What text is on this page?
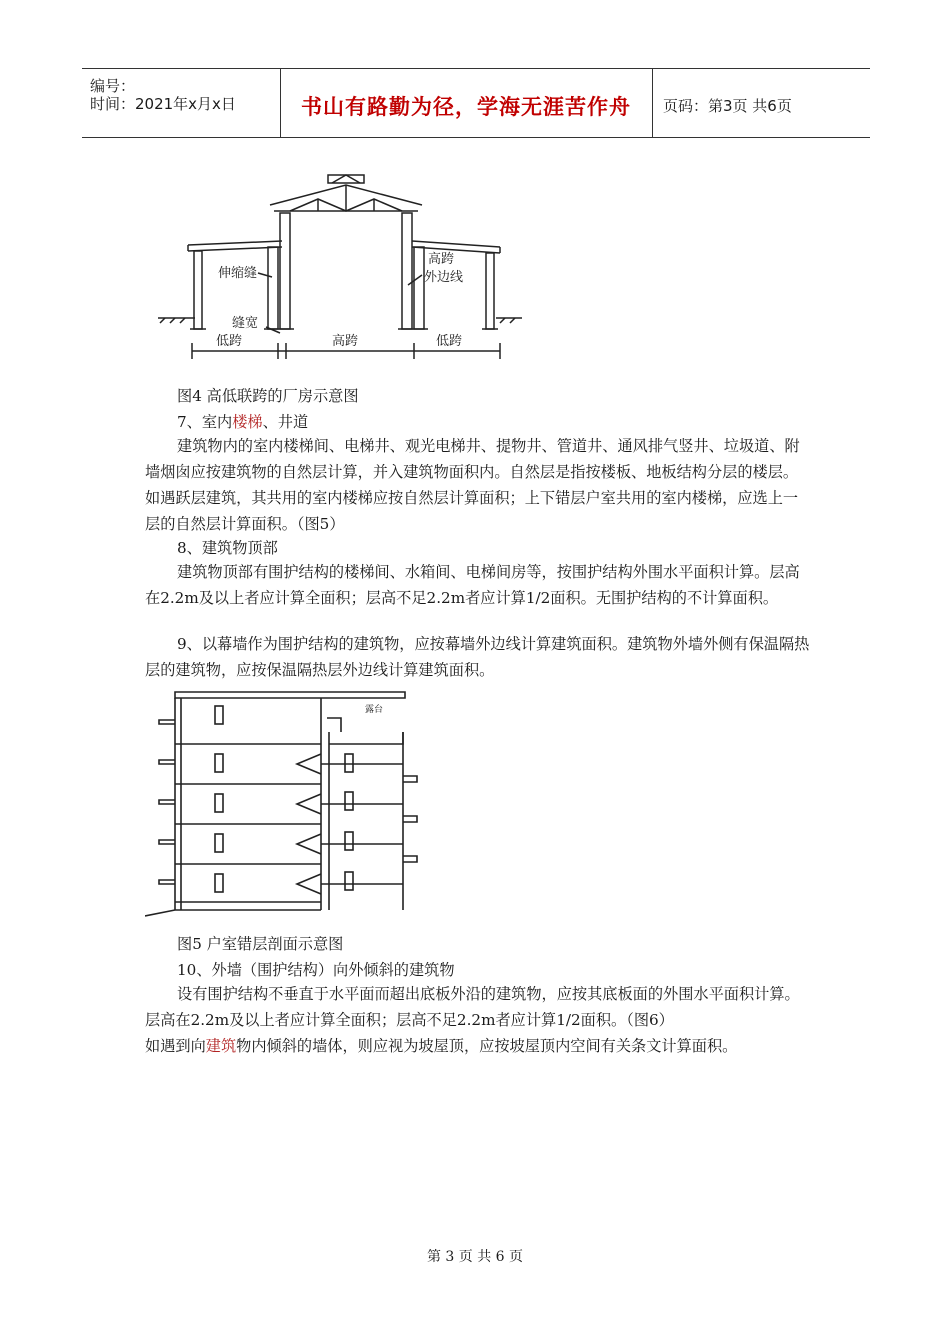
编号：
时间：2021年x月x日	书山有路勤为径，学海无涯苦作舟	页码：第3页 共6页
伸缩缝
高跨
外边线
缝宽
低跨	高跨	低跨
图4 高低联跨的厂房示意图
7、室内楼梯、井道

建筑物内的室内楼梯间、电梯井、观光电梯井、提物井、管道井、通风排气竖井、垃圾道、附墙烟囱应按建筑物的自然层计算，并入建筑物面积内。自然层是指按楼板、地板结构分层的楼层。如遇跃层建筑，其共用的室内楼梯应按自然层计算面积；上下错层户室共用的室内楼梯，应选上一层的自然层计算面积。（图5）

8、建筑物顶部

建筑物顶部有围护结构的楼梯间、水箱间、电梯间房等，按围护结构外围水平面积计算。层高在2.2m及以上者应计算全面积；层高不足2.2m者应计算1/2面积。无围护结构的不计算面积。

9、以幕墙作为围护结构的建筑物，应按幕墙外边线计算建筑面积。建筑物外墙外侧有保温隔热层的建筑物，应按保温隔热层外边线计算建筑面积。

露台
图5 户室错层剖面示意图
10、外墙（围护结构）向外倾斜的建筑物

设有围护结构不垂直于水平面而超出底板外沿的建筑物，应按其底板面的外围水平面积计算。层高在2.2m及以上者应计算全面积；层高不足2.2m者应计算1/2面积。（图6）

如遇到向建筑物内倾斜的墙体，则应视为坡屋顶，应按坡屋顶内空间有关条文计算面积。

第 3 页 共 6 页
